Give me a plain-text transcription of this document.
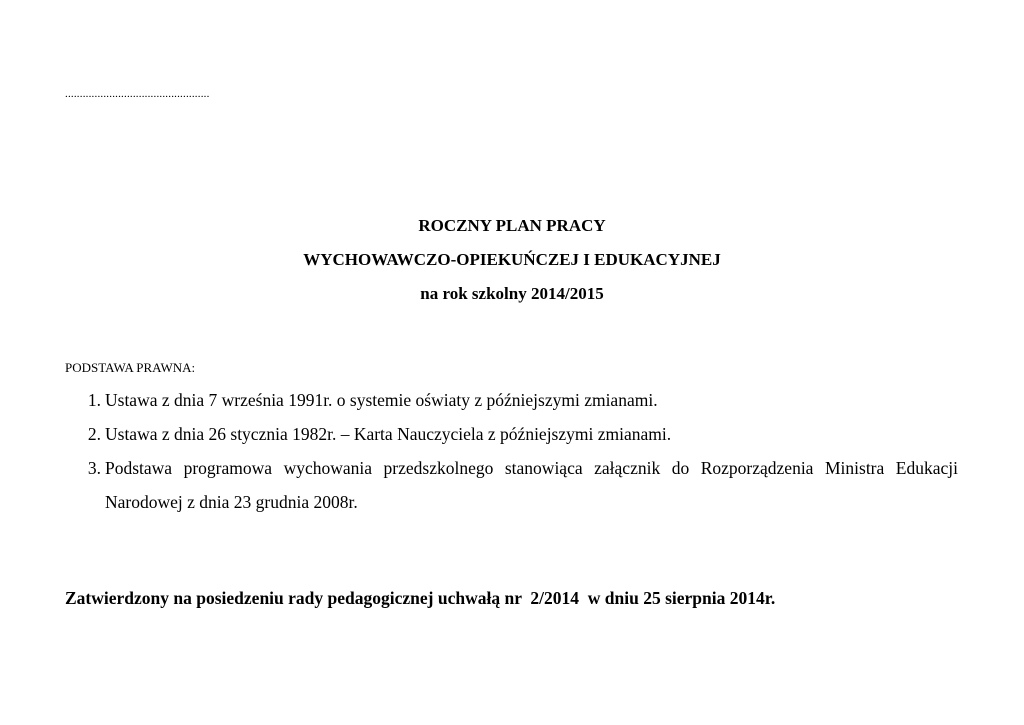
.................................................
ROCZNY PLAN PRACY
WYCHOWAWCZO-OPIEKUŃCZEJ I EDUKACYJNEJ
na rok szkolny 2014/2015
PODSTAWA PRAWNA:
1. Ustawa z dnia 7 września 1991r. o systemie oświaty z późniejszymi zmianami.
2. Ustawa z dnia 26 stycznia 1982r. – Karta Nauczyciela z późniejszymi zmianami.
3. Podstawa programowa wychowania przedszkolnego stanowiąca załącznik do Rozporządzenia Ministra Edukacji Narodowej z dnia 23 grudnia 2008r.
Zatwierdzony na posiedzeniu rady pedagogicznej uchwałą nr  2/2014  w dniu 25 sierpnia 2014r.
